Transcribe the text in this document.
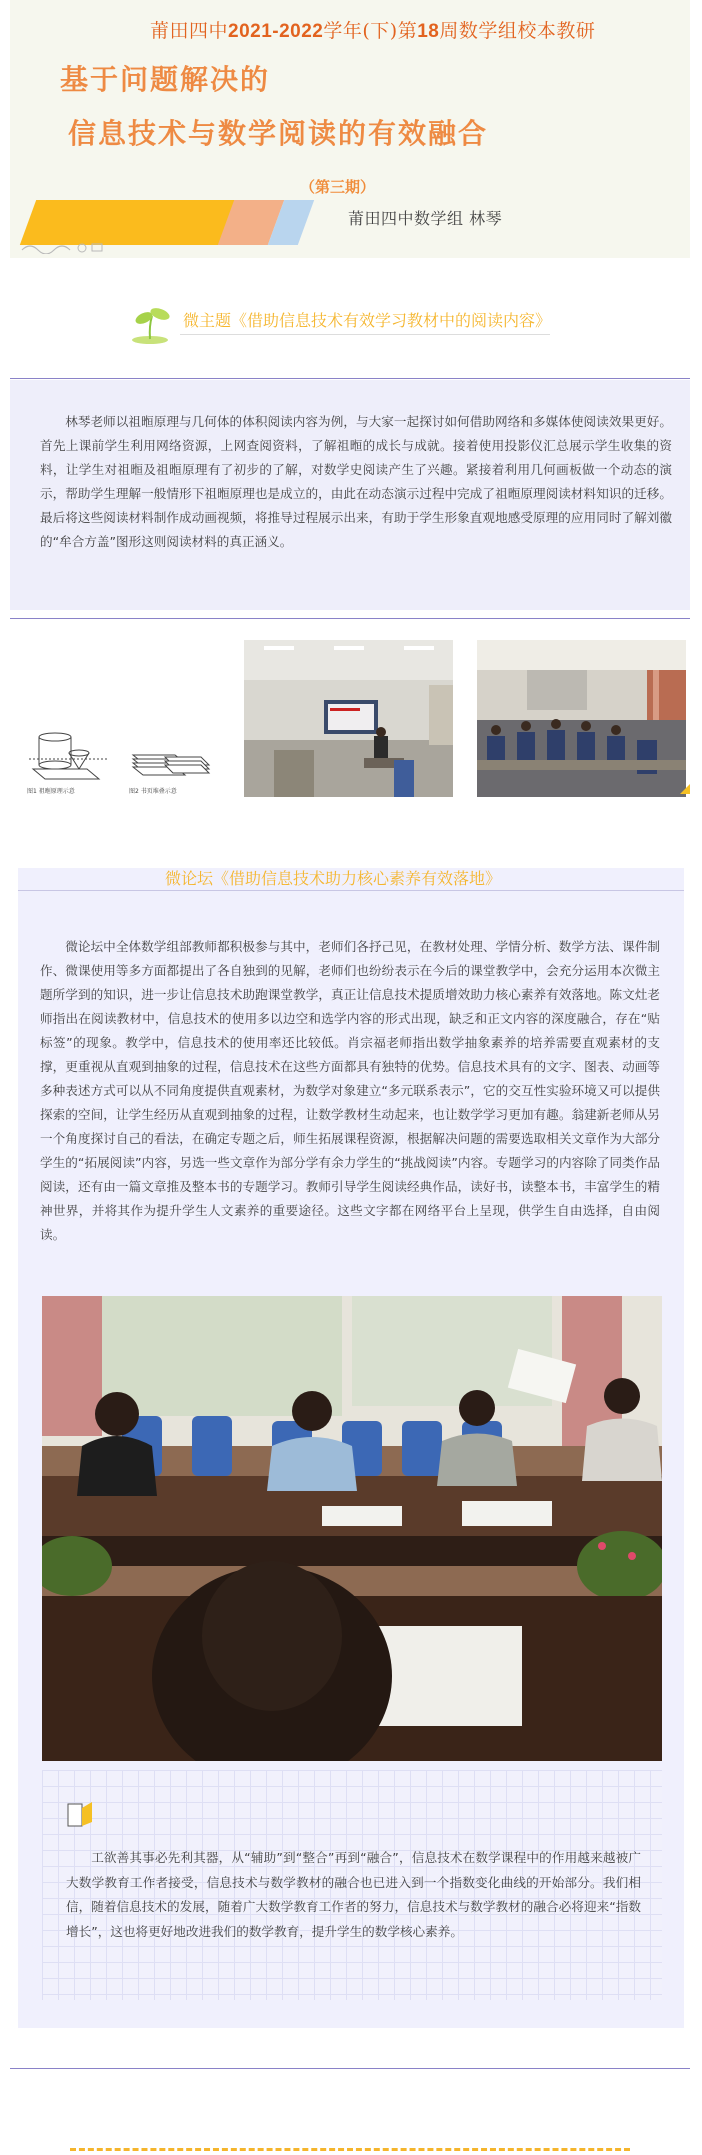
莆田四中2021-2022学年(下)第18周数学组校本教研
基于问题解决的
信息技术与数学阅读的有效融合
（第三期）
莆田四中数学组 林琴
微主题《借助信息技术有效学习教材中的阅读内容》

林琴老师以祖暅原理与几何体的体积阅读内容为例，与大家一起探讨如何借助网络和多媒体使阅读效果更好。首先上课前学生利用网络资源，上网查阅资料，了解祖暅的成长与成就。接着使用投影仪汇总展示学生收集的资料，让学生对祖暅及祖暅原理有了初步的了解，对数学史阅读产生了兴趣。紧接着利用几何画板做一个动态的演示，帮助学生理解一般情形下祖暅原理也是成立的，由此在动态演示过程中完成了祖暅原理阅读材料知识的迁移。最后将这些阅读材料制作成动画视频，将推导过程展示出来，有助于学生形象直观地感受原理的应用同时了解刘徽的“牟合方盖”图形这则阅读材料的真正涵义。

图1 祖暅原理示意	图2 书页堆叠示意
微论坛《借助信息技术助力核心素养有效落地》

微论坛中全体数学组部教师都积极参与其中，老师们各抒己见，在教材处理、学情分析、数学方法、课件制作、微课使用等多方面都提出了各自独到的见解，老师们也纷纷表示在今后的课堂教学中，会充分运用本次微主题所学到的知识，进一步让信息技术助跑课堂教学，真正让信息技术提质增效助力核心素养有效落地。陈文灶老师指出在阅读教材中，信息技术的使用多以边空和选学内容的形式出现，缺乏和正文内容的深度融合，存在“贴标签”的现象。教学中，信息技术的使用率还比较低。肖宗福老师指出数学抽象素养的培养需要直观素材的支撑，更重视从直观到抽象的过程，信息技术在这些方面都具有独特的优势。信息技术具有的文字、图表、动画等多种表述方式可以从不同角度提供直观素材，为数学对象建立“多元联系表示”，它的交互性实验环境又可以提供探索的空间，让学生经历从直观到抽象的过程，让数学教材生动起来，也让数学学习更加有趣。翁建新老师从另一个角度探讨自己的看法，在确定专题之后，师生拓展课程资源，根据解决问题的需要选取相关文章作为大部分学生的“拓展阅读”内容，另选一些文章作为部分学有余力学生的“挑战阅读”内容。专题学习的内容除了同类作品阅读，还有由一篇文章推及整本书的专题学习。教师引导学生阅读经典作品，读好书，读整本书，丰富学生的精神世界，并将其作为提升学生人文素养的重要途径。这些文字都在网络平台上呈现，供学生自由选择，自由阅读。

工欲善其事必先利其器，从“辅助”到“整合”再到“融合”，信息技术在数学课程中的作用越来越被广大数学教育工作者接受，信息技术与数学教材的融合也已进入到一个指数变化曲线的开始部分。我们相信，随着信息技术的发展，随着广大数学教育工作者的努力，信息技术与数学教材的融合必将迎来“指数增长”，这也将更好地改进我们的数学教育，提升学生的数学核心素养。
